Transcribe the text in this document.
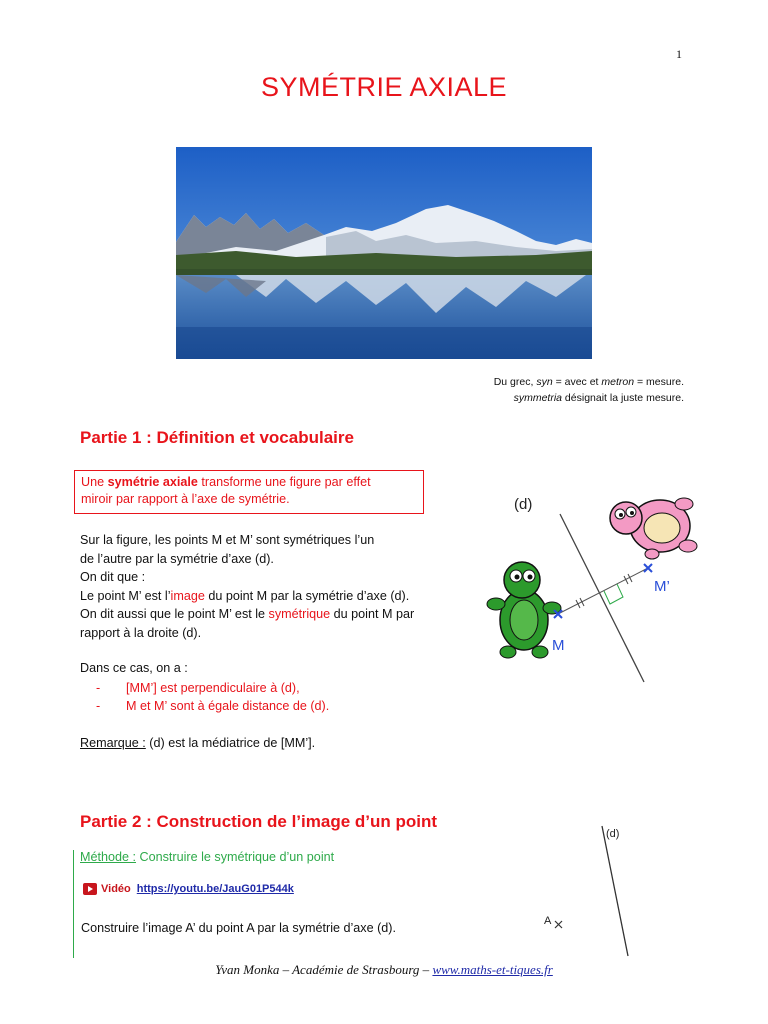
1
SYMÉTRIE AXIALE
Du grec, syn = avec et metron = mesure.
symmetria désignait la juste mesure.
Partie 1 : Définition et vocabulaire
Une symétrie axiale transforme une figure par effet
miroir par rapport à l’axe de symétrie.
Sur la figure, les points M et M’ sont symétriques l’un
de l’autre par la symétrie d’axe (d).
On dit que :
Le point M’ est l’image du point M par la symétrie d’axe (d).
On dit aussi que le point M’ est le symétrique du point M par
rapport à la droite (d).
Dans ce cas, on a :
-	[MM’] est perpendiculaire à (d),
-	M et M’ sont à égale distance de (d).
Remarque : (d) est la médiatrice de [MM’].
(d)
M
M’
Partie 2 : Construction de l’image d’un point
Méthode : Construire le symétrique d’un point
Vidéo https://youtu.be/JauG01P544k
Construire l’image A’ du point A par la symétrie d’axe (d).
(d)
A
Yvan Monka – Académie de Strasbourg – www.maths-et-tiques.fr
